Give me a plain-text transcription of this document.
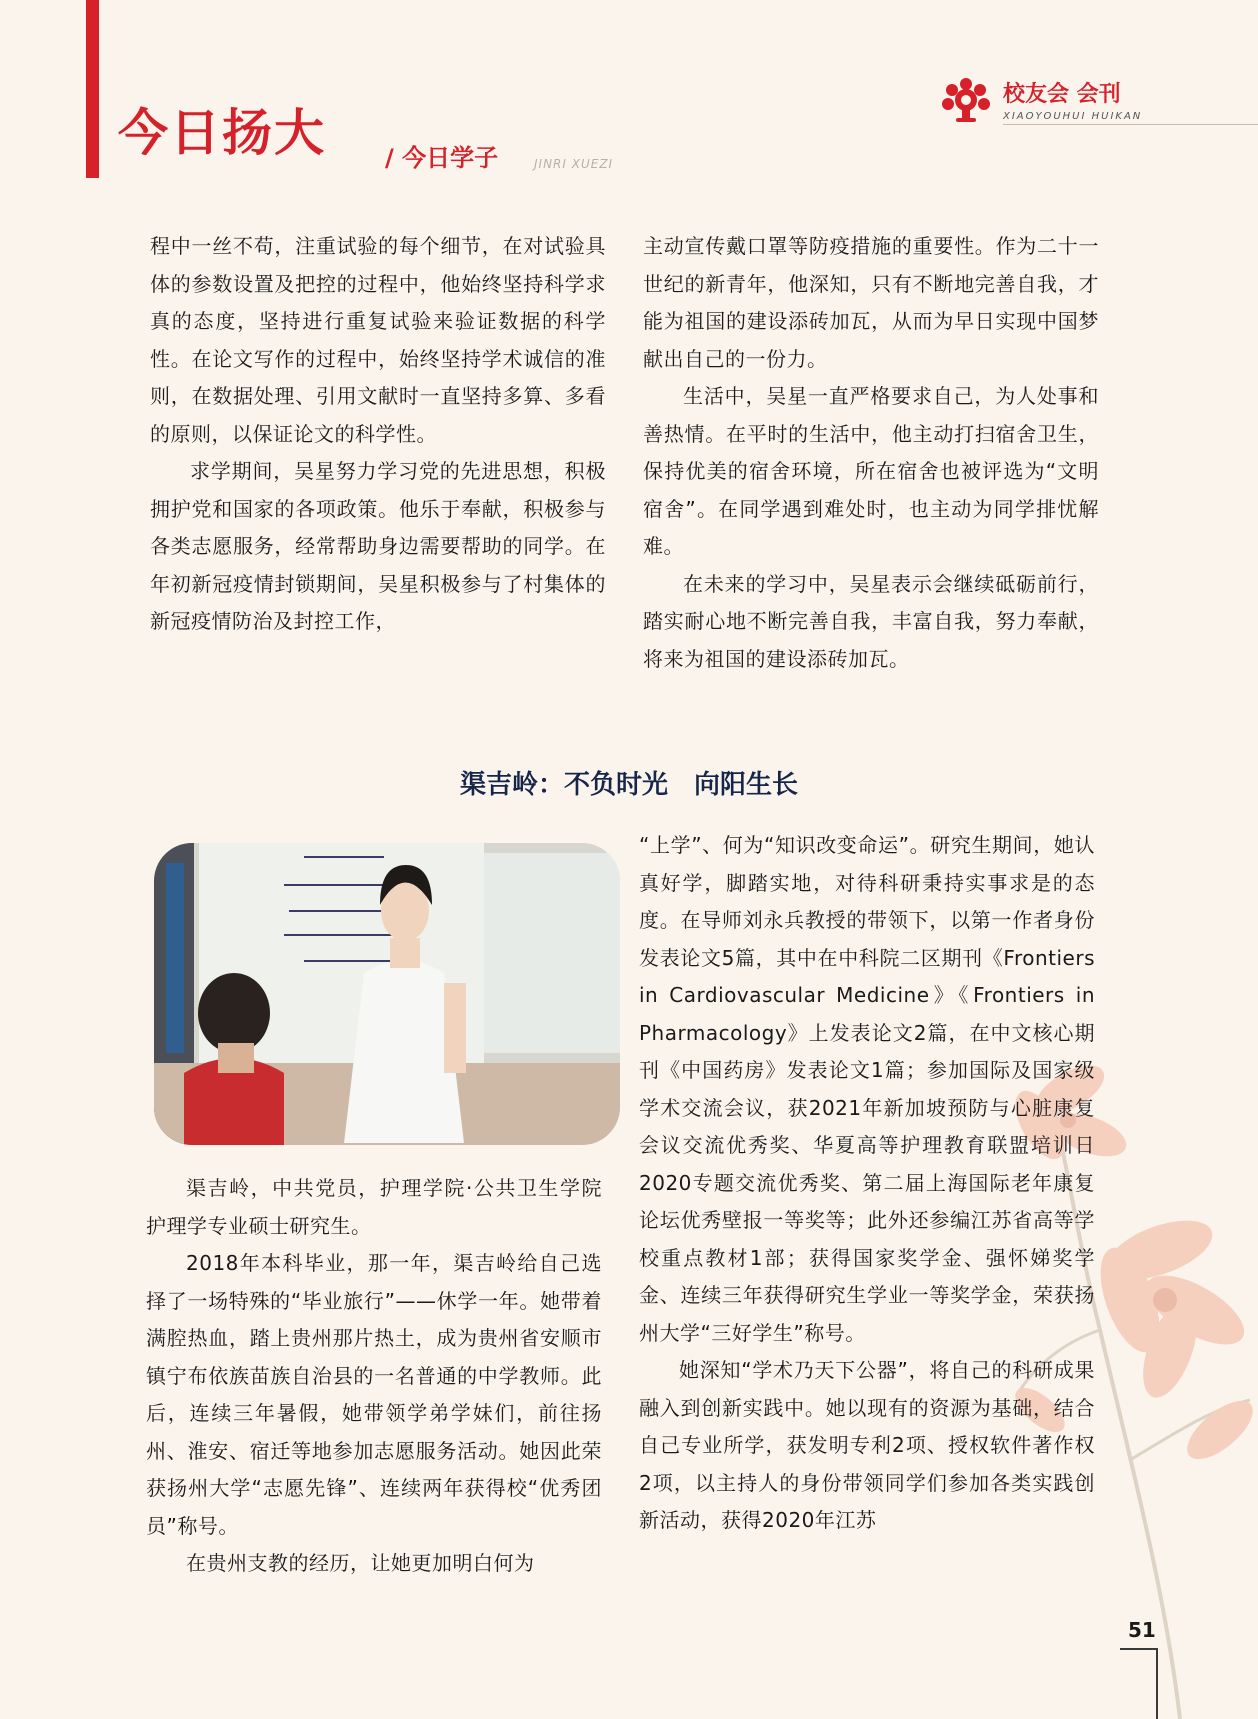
今日扬大 / 今日学子	JINRI XUEZI
校友会 会刊
XIAOYOUHUI HUIKAN

程中一丝不苟，注重试验的每个细节，在对试验具体的参数设置及把控的过程中，他始终坚持科学求真的态度，坚持进行重复试验来验证数据的科学性。在论文写作的过程中，始终坚持学术诚信的准则，在数据处理、引用文献时一直坚持多算、多看的原则，以保证论文的科学性。

求学期间，吴星努力学习党的先进思想，积极拥护党和国家的各项政策。他乐于奉献，积极参与各类志愿服务，经常帮助身边需要帮助的同学。在年初新冠疫情封锁期间，吴星积极参与了村集体的新冠疫情防治及封控工作，

主动宣传戴口罩等防疫措施的重要性。作为二十一世纪的新青年，他深知，只有不断地完善自我，才能为祖国的建设添砖加瓦，从而为早日实现中国梦献出自己的一份力。

生活中，吴星一直严格要求自己，为人处事和善热情。在平时的生活中，他主动打扫宿舍卫生，保持优美的宿舍环境，所在宿舍也被评选为“文明宿舍”。在同学遇到难处时，也主动为同学排忧解难。

在未来的学习中，吴星表示会继续砥砺前行，踏实耐心地不断完善自我，丰富自我，努力奉献，将来为祖国的建设添砖加瓦。

渠吉岭：不负时光 向阳生长

渠吉岭，中共党员，护理学院·公共卫生学院护理学专业硕士研究生。

2018年本科毕业，那一年，渠吉岭给自己选择了一场特殊的“毕业旅行”——休学一年。她带着满腔热血，踏上贵州那片热土，成为贵州省安顺市镇宁布依族苗族自治县的一名普通的中学教师。此后，连续三年暑假，她带领学弟学妹们，前往扬州、淮安、宿迁等地参加志愿服务活动。她因此荣获扬州大学“志愿先锋”、连续两年获得校“优秀团员”称号。

在贵州支教的经历，让她更加明白何为

“上学”、何为“知识改变命运”。研究生期间，她认真好学，脚踏实地，对待科研秉持实事求是的态度。在导师刘永兵教授的带领下，以第一作者身份发表论文5篇，其中在中科院二区期刊《Frontiers in Cardiovascular Medicine》《Frontiers in Pharmacology》上发表论文2篇，在中文核心期刊《中国药房》发表论文1篇；参加国际及国家级学术交流会议，获2021年新加坡预防与心脏康复会议交流优秀奖、华夏高等护理教育联盟培训日2020专题交流优秀奖、第二届上海国际老年康复论坛优秀壁报一等奖等；此外还参编江苏省高等学校重点教材1部；获得国家奖学金、强怀娣奖学金、连续三年获得研究生学业一等奖学金，荣获扬州大学“三好学生”称号。

她深知“学术乃天下公器”，将自己的科研成果融入到创新实践中。她以现有的资源为基础，结合自己专业所学，获发明专利2项、授权软件著作权2项，以主持人的身份带领同学们参加各类实践创新活动，获得2020年江苏

51
